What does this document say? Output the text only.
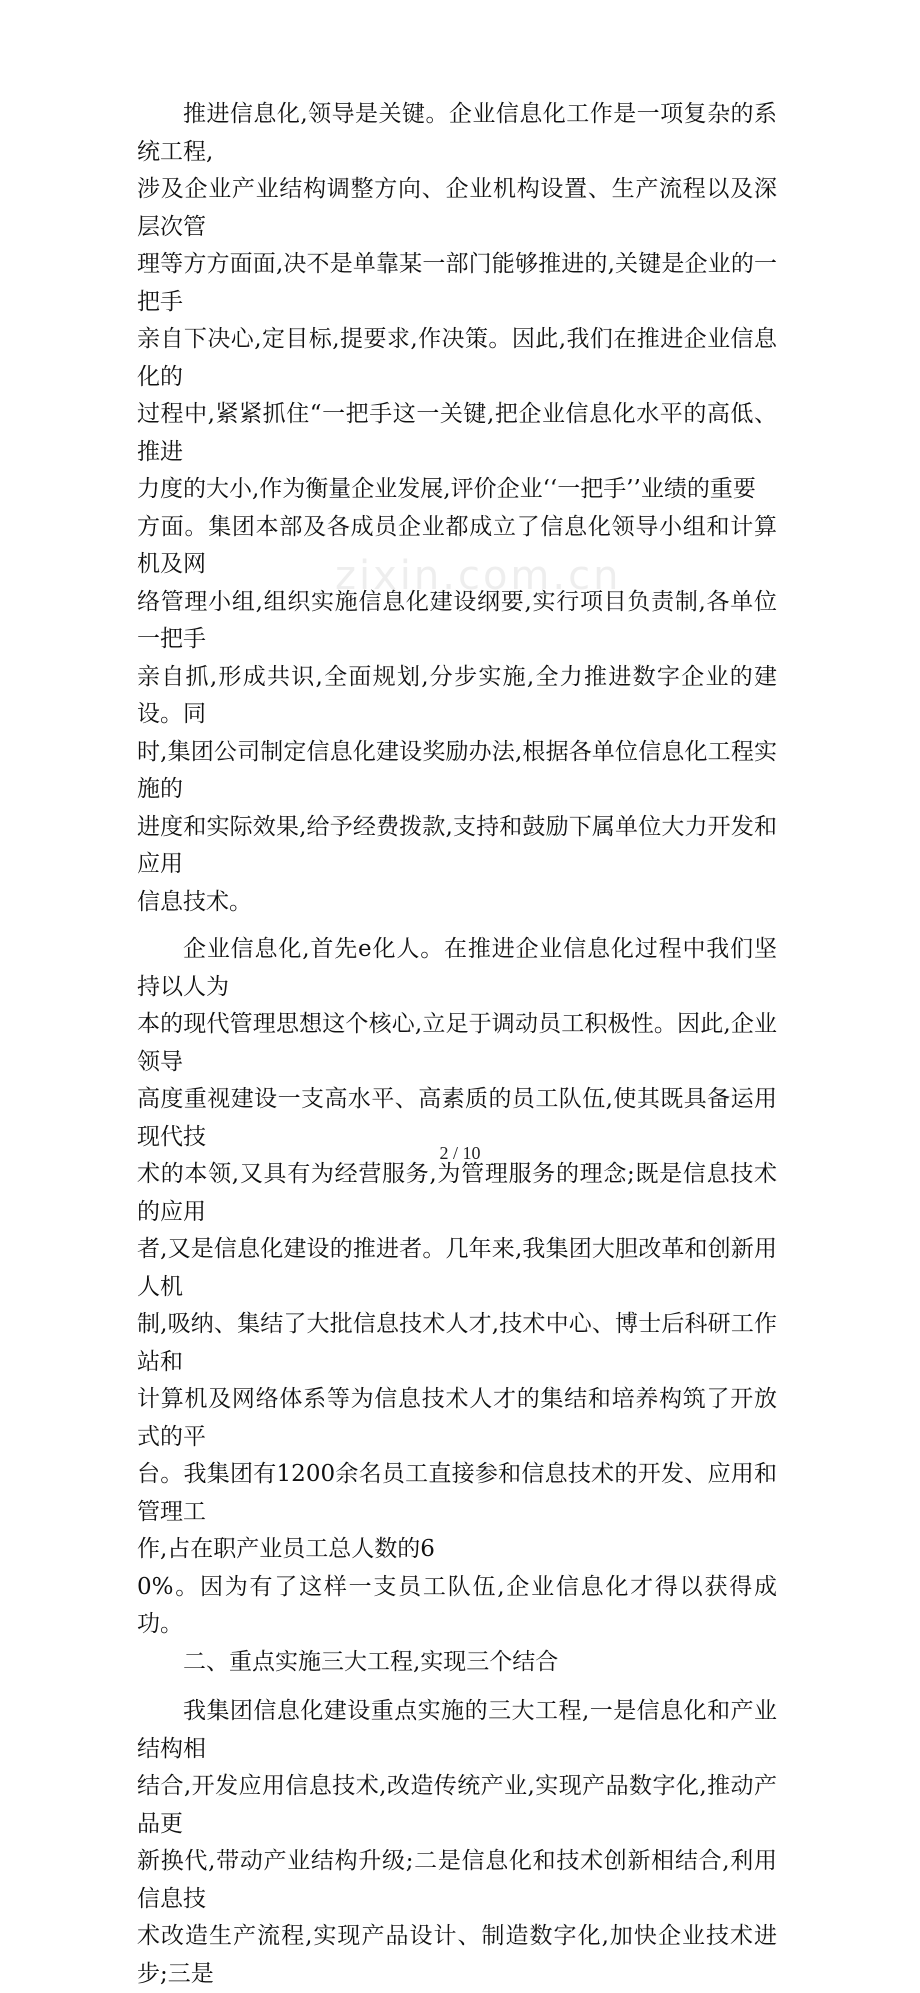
zixin.com.cn

推进信息化,领导是关键。企业信息化工作是一项复杂的系统工程,
涉及企业产业结构调整方向、企业机构设置、生产流程以及深层次管
理等方方面面,决不是单靠某一部门能够推进的,关键是企业的一把手
亲自下决心,定目标,提要求,作决策。因此,我们在推进企业信息化的
过程中,紧紧抓住“一把手这一关键,把企业信息化水平的高低、推进
力度的大小,作为衡量企业发展,评价企业‘‘一把手’’业绩的重要
方面。集团本部及各成员企业都成立了信息化领导小组和计算机及网
络管理小组,组织实施信息化建设纲要,实行项目负责制,各单位一把手
亲自抓,形成共识,全面规划,分步实施,全力推进数字企业的建设。同
时,集团公司制定信息化建设奖励办法,根据各单位信息化工程实施的
进度和实际效果,给予经费拨款,支持和鼓励下属单位大力开发和应用
信息技术。

企业信息化,首先e化人。在推进企业信息化过程中我们坚持以人为
本的现代管理思想这个核心,立足于调动员工积极性。因此,企业领导
高度重视建设一支高水平、高素质的员工队伍,使其既具备运用现代技
术的本领,又具有为经营服务,为管理服务的理念;既是信息技术的应用
者,又是信息化建设的推进者。几年来,我集团大胆改革和创新用人机
制,吸纳、集结了大批信息技术人才,技术中心、博士后科研工作站和
计算机及网络体系等为信息技术人才的集结和培养构筑了开放式的平
台。我集团有1200余名员工直接参和信息技术的开发、应用和管理工
作,占在职产业员工总人数的6
0%。因为有了这样一支员工队伍,企业信息化才得以获得成功。

二、重点实施三大工程,实现三个结合

我集团信息化建设重点实施的三大工程,一是信息化和产业结构相
结合,开发应用信息技术,改造传统产业,实现产品数字化,推动产品更
新换代,带动产业结构升级;二是信息化和技术创新相结合,利用信息技
术改造生产流程,实现产品设计、制造数字化,加快企业技术进步;三是

2 / 10
